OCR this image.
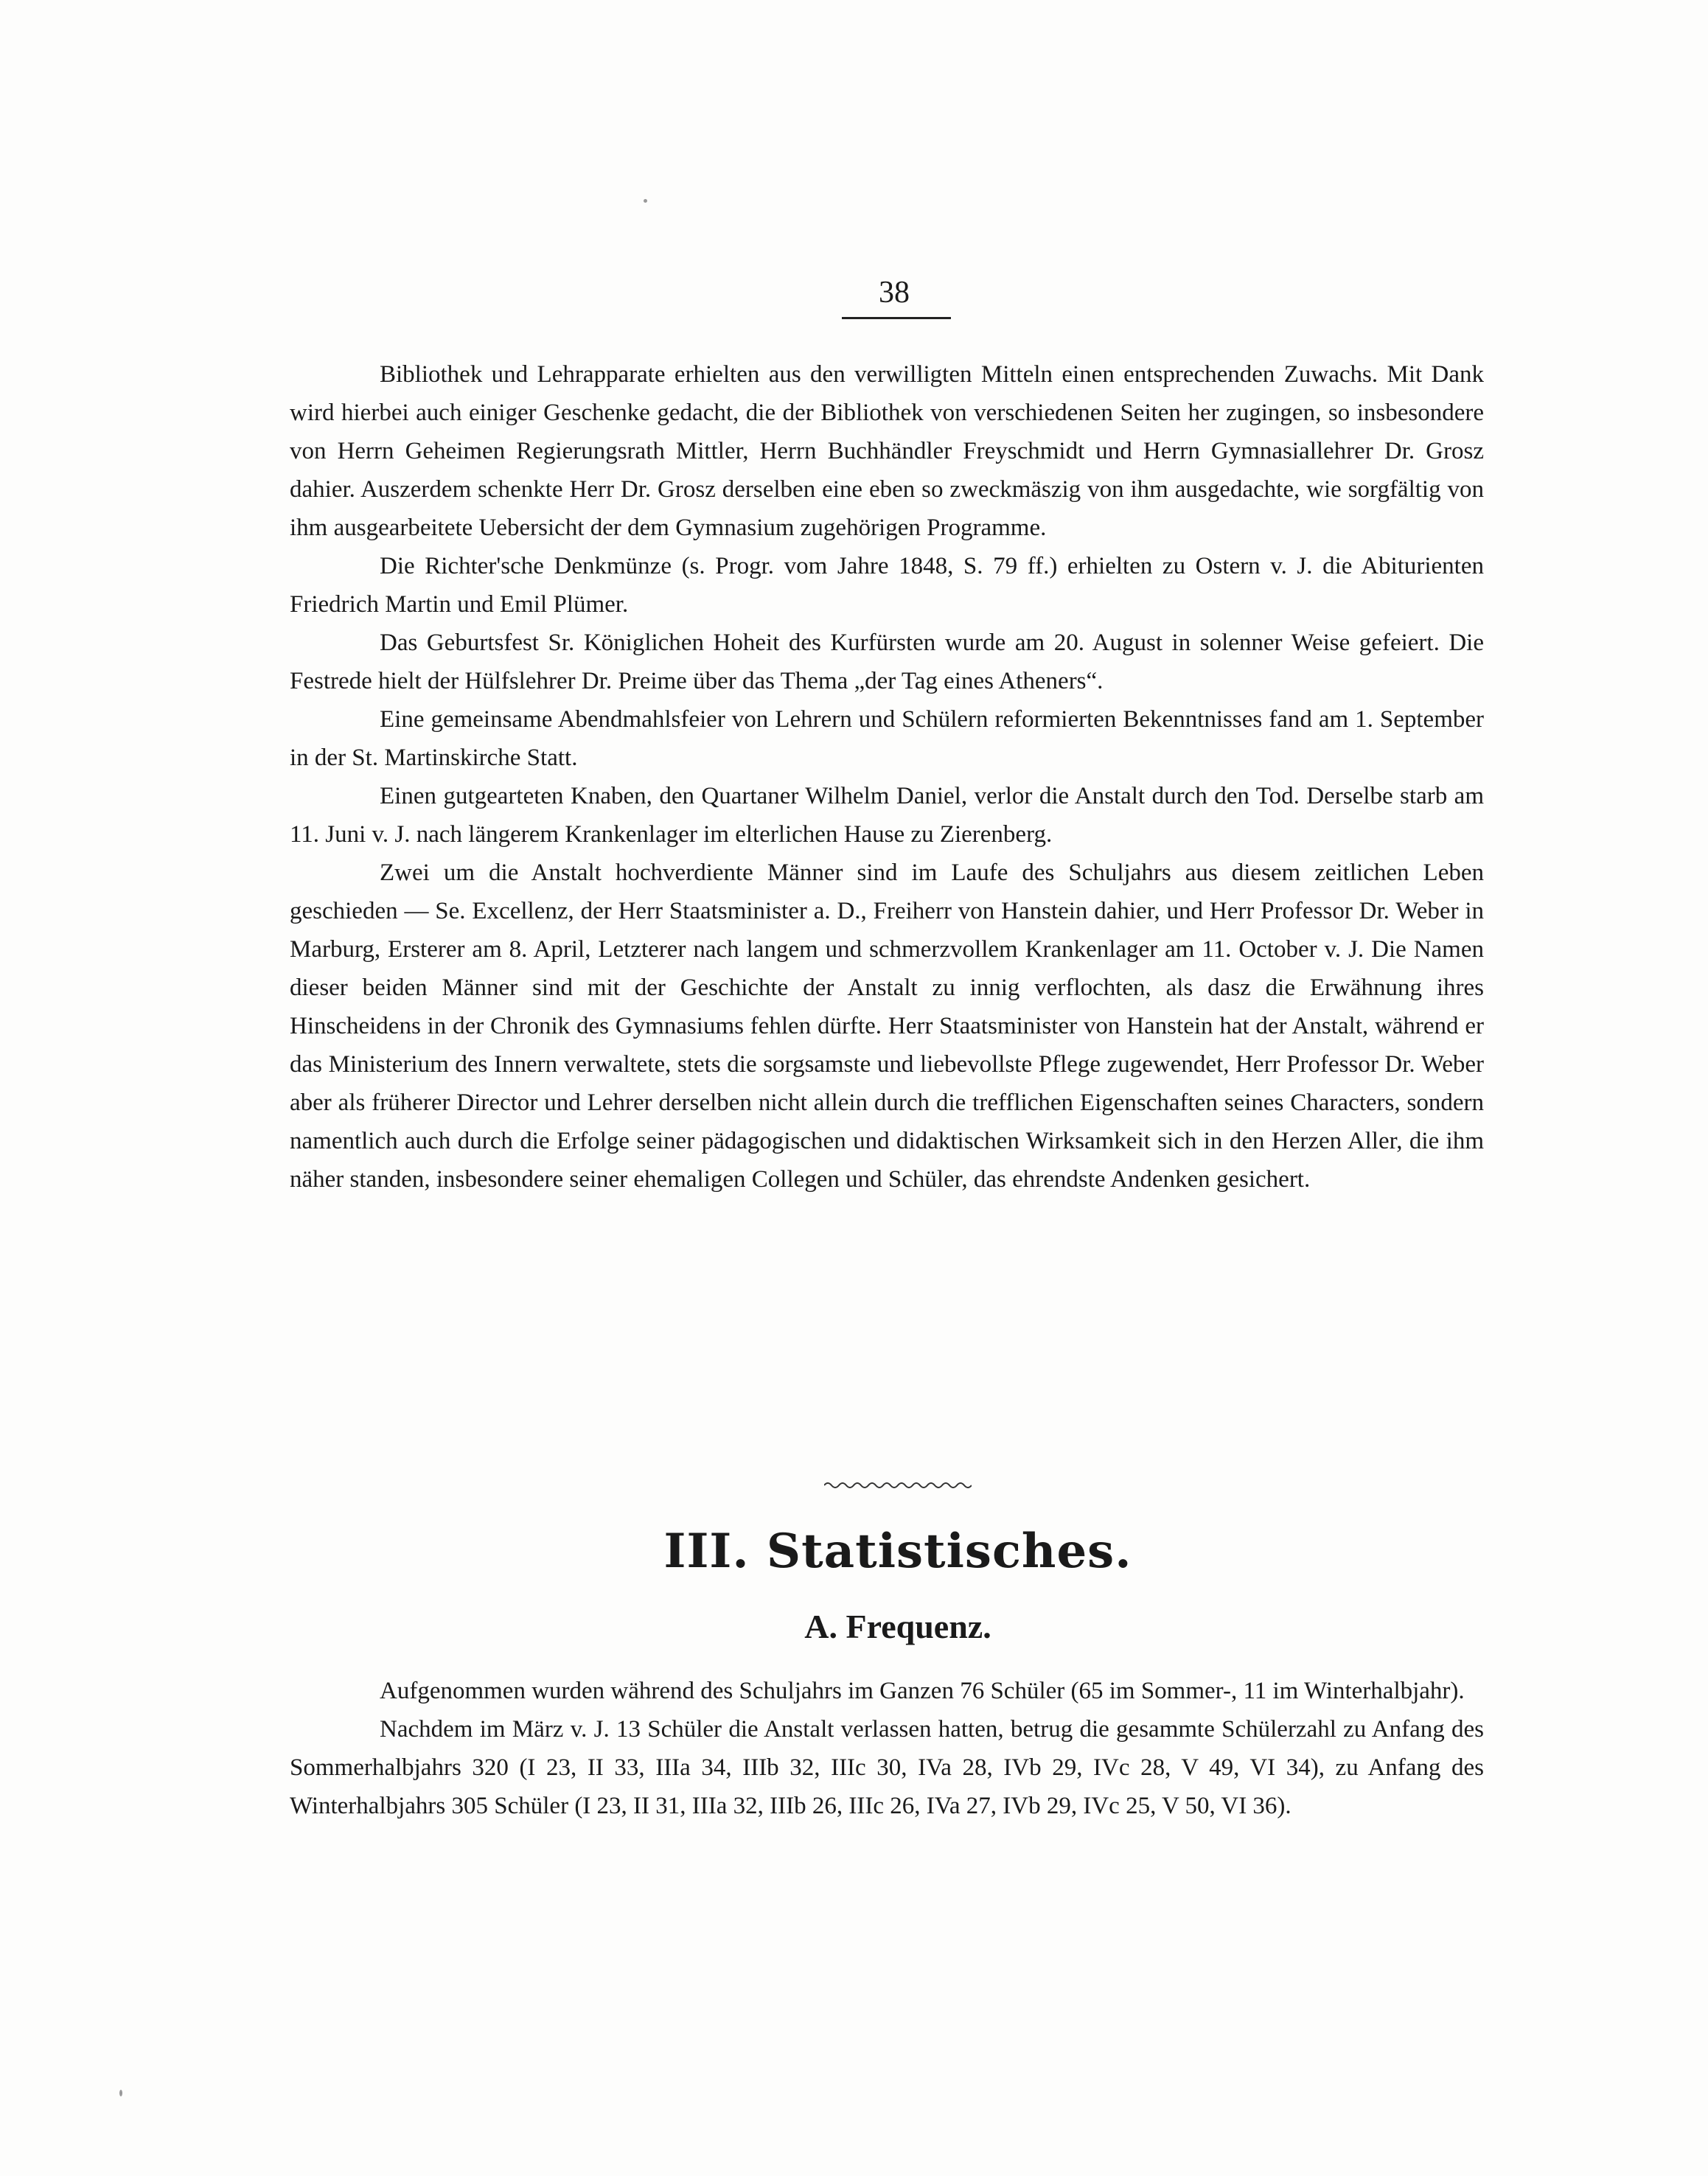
38

Bibliothek und Lehrapparate erhielten aus den verwilligten Mitteln einen entsprechenden Zuwachs. Mit Dank wird hierbei auch einiger Geschenke gedacht, die der Bibliothek von verschiedenen Seiten her zugingen, so insbesondere von Herrn Geheimen Regierungsrath Mittler, Herrn Buchhändler Freyschmidt und Herrn Gymnasiallehrer Dr. Grosz dahier. Auszerdem schenkte Herr Dr. Grosz derselben eine eben so zweckmäszig von ihm ausgedachte, wie sorgfältig von ihm ausgearbeitete Uebersicht der dem Gymnasium zugehörigen Programme.

Die Richter'sche Denkmünze (s. Progr. vom Jahre 1848, S. 79 ff.) erhielten zu Ostern v. J. die Abiturienten Friedrich Martin und Emil Plümer.

Das Geburtsfest Sr. Königlichen Hoheit des Kurfürsten wurde am 20. August in solenner Weise gefeiert. Die Festrede hielt der Hülfslehrer Dr. Preime über das Thema „der Tag eines Atheners“.

Eine gemeinsame Abendmahlsfeier von Lehrern und Schülern reformierten Bekenntnisses fand am 1. September in der St. Martinskirche Statt.

Einen gutgearteten Knaben, den Quartaner Wilhelm Daniel, verlor die Anstalt durch den Tod. Derselbe starb am 11. Juni v. J. nach längerem Krankenlager im elterlichen Hause zu Zierenberg.

Zwei um die Anstalt hochverdiente Männer sind im Laufe des Schuljahrs aus diesem zeitlichen Leben geschieden — Se. Excellenz, der Herr Staatsminister a. D., Freiherr von Hanstein dahier, und Herr Professor Dr. Weber in Marburg, Ersterer am 8. April, Letzterer nach langem und schmerzvollem Krankenlager am 11. October v. J. Die Namen dieser beiden Männer sind mit der Geschichte der Anstalt zu innig verflochten, als dasz die Erwähnung ihres Hinscheidens in der Chronik des Gymnasiums fehlen dürfte. Herr Staatsminister von Hanstein hat der Anstalt, während er das Ministerium des Innern verwaltete, stets die sorgsamste und liebevollste Pflege zugewendet, Herr Professor Dr. Weber aber als früherer Director und Lehrer derselben nicht allein durch die trefflichen Eigenschaften seines Characters, sondern namentlich auch durch die Erfolge seiner pädagogischen und didaktischen Wirksamkeit sich in den Herzen Aller, die ihm näher standen, insbesondere seiner ehemaligen Collegen und Schüler, das ehrendste Andenken gesichert.

III. Statistisches.
A. Frequenz.

Aufgenommen wurden während des Schuljahrs im Ganzen 76 Schüler (65 im Sommer-, 11 im Winterhalbjahr).

Nachdem im März v. J. 13 Schüler die Anstalt verlassen hatten, betrug die gesammte Schülerzahl zu Anfang des Sommerhalbjahrs 320 (I 23, II 33, IIIa 34, IIIb 32, IIIc 30, IVa 28, IVb 29, IVc 28, V 49, VI 34), zu Anfang des Winterhalbjahrs 305 Schüler (I 23, II 31, IIIa 32, IIIb 26, IIIc 26, IVa 27, IVb 29, IVc 25, V 50, VI 36).
